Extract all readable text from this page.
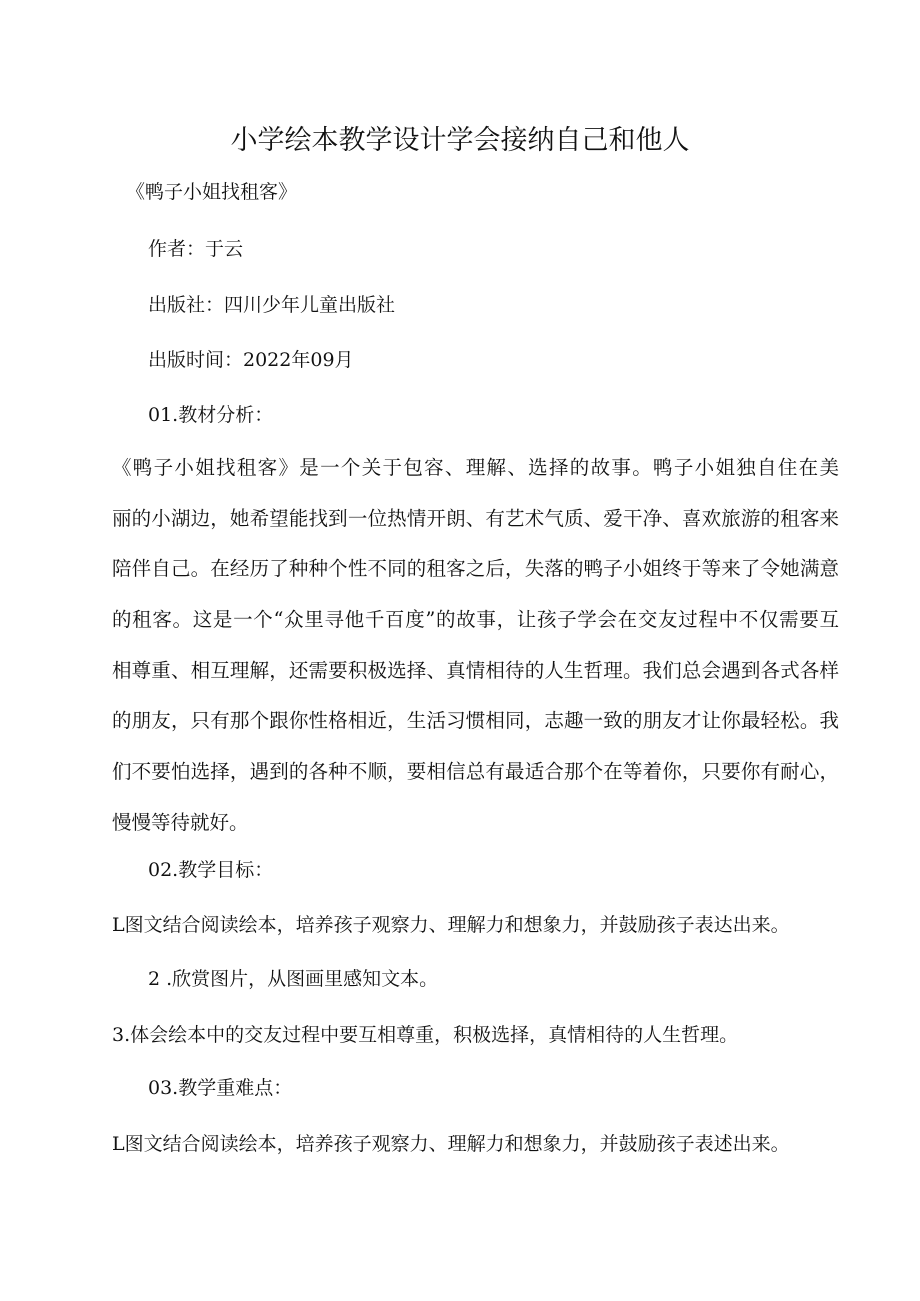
小学绘本教学设计学会接纳自己和他人
《鸭子小姐找租客》
作者：于云
出版社：四川少年儿童出版社
出版时间：2022年09月
01.教材分析：
《鸭子小姐找租客》是一个关于包容、理解、选择的故事。鸭子小姐独自住在美
丽的小湖边，她希望能找到一位热情开朗、有艺术气质、爱干净、喜欢旅游的租客来
陪伴自己。在经历了种种个性不同的租客之后，失落的鸭子小姐终于等来了令她满意
的租客。这是一个“众里寻他千百度”的故事，让孩子学会在交友过程中不仅需要互
相尊重、相互理解，还需要积极选择、真情相待的人生哲理。我们总会遇到各式各样
的朋友，只有那个跟你性格相近，生活习惯相同，志趣一致的朋友才让你最轻松。我
们不要怕选择，遇到的各种不顺，要相信总有最适合那个在等着你，只要你有耐心，
慢慢等待就好。
02.教学目标：
L图文结合阅读绘本，培养孩子观察力、理解力和想象力，并鼓励孩子表达出来。
2 .欣赏图片，从图画里感知文本。
3.体会绘本中的交友过程中要互相尊重，积极选择，真情相待的人生哲理。
03.教学重难点：
L图文结合阅读绘本，培养孩子观察力、理解力和想象力，并鼓励孩子表述出来。
